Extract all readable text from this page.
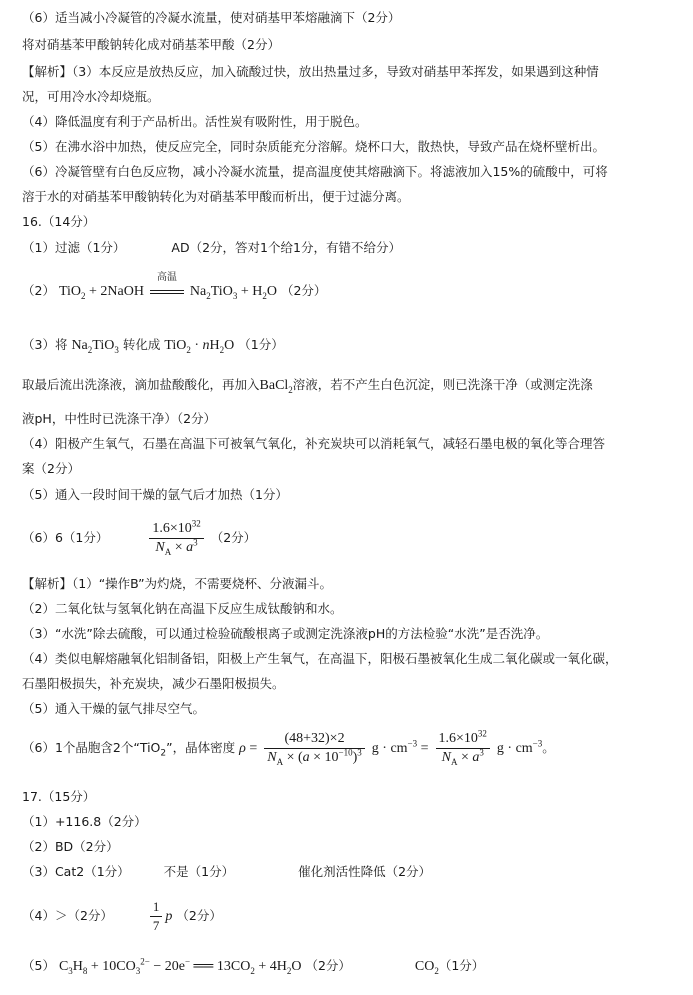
（6）适当减小冷凝管的冷凝水流量，使对硝基甲苯熔融滴下（2分）
将对硝基苯甲酸钠转化成对硝基苯甲酸（2分）
【解析】（3）本反应是放热反应，加入硫酸过快，放出热量过多，导致对硝基甲苯挥发，如果遇到这种情
况，可用冷水冷却烧瓶。
（4）降低温度有利于产品析出。活性炭有吸附性，用于脱色。
（5）在沸水浴中加热，使反应完全，同时杂质能充分溶解。烧杯口大，散热快，导致产品在烧杯壁析出。
（6）冷凝管壁有白色反应物，减小冷凝水流量，提高温度使其熔融滴下。将滤液加入15%的硫酸中，可将
溶于水的对硝基苯甲酸钠转化为对硝基苯甲酸而析出，便于过滤分离。
16.（14分）
（1）过滤（1分）	AD（2分，答对1个给1分，有错不给分）
（2） TiO$_2$ + 2NaOH
高温
$Na_2TiO_3 + H_2O$ （2分）
（3）将 $Na_2TiO_3$ 转化成 $TiO_2 \cdot nH_2O$ （1分）
取最后流出洗涤液，滴加盐酸酸化，再加入BaCl$_2$溶液，若不产生白色沉淀，则已洗涤干净（或测定洗涤
液pH，中性时已洗涤干净）（2分）
（4）阳极产生氧气，石墨在高温下可被氧气氧化，补充炭块可以消耗氧气，减轻石墨电极的氧化等合理答
案（2分）
（5）通入一段时间干燥的氩气后才加热（1分）
（6）6（1分）	$\frac{1.6\times 10^{32}}{N_A \times a^3} (2$分）
【解析】（1）“操作B”为灼烧，不需要烧杯、分液漏斗。
（2）二氧化钛与氢氧化钠在高温下反应生成钛酸钠和水。
（3）“水洗”除去硫酸，可以通过检验硫酸根离子或测定洗涤液pH的方法检验“水洗”是否洗净。
（4）类似电解熔融氧化铝制备铝，阳极上产生氧气，在高温下，阳极石墨被氧化生成二氧化碳或一氧化碳，
石墨阳极损失，补充炭块，减少石墨阳极损失。
（5）通入干燥的氩气排尽空气。
（6）1个晶胞含2个“TiO$_2$”，晶体密度 $\rho = \frac{(48+32)\times 2}{N_A \times (a \times 10^{-10})^3}$ $g \cdot cm^{-3} = \frac{1.6\times 10^{32}}{N_A \times a^3}$ $g \cdot cm^{-3}$。
17.（15分）
（1）+116.8（2分）
（2）BD（2分）
（3）Cat2（1分）	不是（1分）	催化剂活性降低（2分）
（4）＞（2分）	$\frac{1}{7}$ p （2分）
（5） $C_3H_8 + 10CO_3^{2-} - 20e^-$ ══ $13CO_2 + 4H_2O$ （2分）	$CO_2(1$分）
